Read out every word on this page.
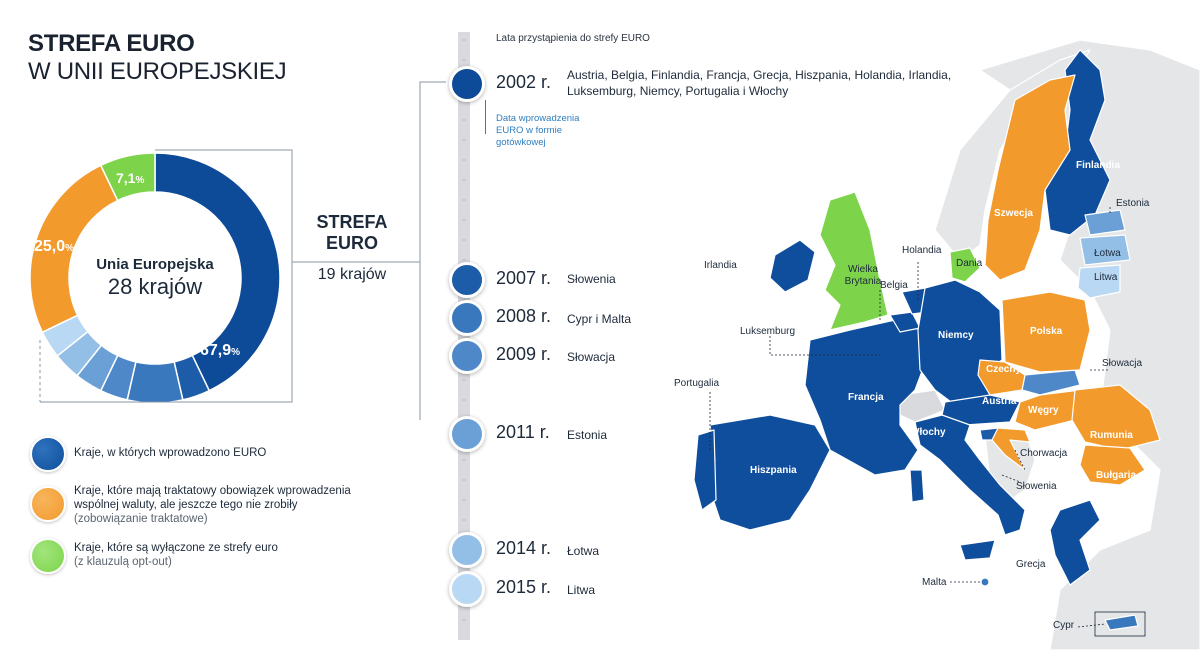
STREFA EURO
W UNII EUROPEJSKIEJ
Unia Europejska
28 krajów
67,9%
25,0%
7,1%
STREFA EURO
19 krajów
Kraje, w których wprowadzono EURO
Kraje, które mają traktatowy obowiązek wprowadzenia wspólnej waluty, ale jeszcze tego nie zrobiły
(zobowiązanie traktatowe)
Kraje, które są wyłączone ze strefy euro
(z klauzulą opt-out)
Lata przystąpienia do strefy EURO
2002 r. Austria, Belgia, Finlandia, Francja, Grecja, Hiszpania, Holandia, Irlandia,
Luksemburg, Niemcy, Portugalia i Włochy
Data wprowadzenia EURO w formie gotówkowej
2007 r. Słowenia
2008 r. Cypr i Malta
2009 r. Słowacja
2011 r. Estonia
2014 r. Łotwa
2015 r. Litwa
Finlandia
Szwecja
Estonia
Łotwa
Litwa
Dania
Holandia
Irlandia	Wielka
Brytania
Belgia
Luksemburg	Niemcy	Polska
Czechy
Słowacja
Portugalia
Francja	Austria
Węgry
Rumunia
Włochy
Chorwacja
Słowenia
Hiszpania	Bułgaria
Malta
Grecja
Cypr
